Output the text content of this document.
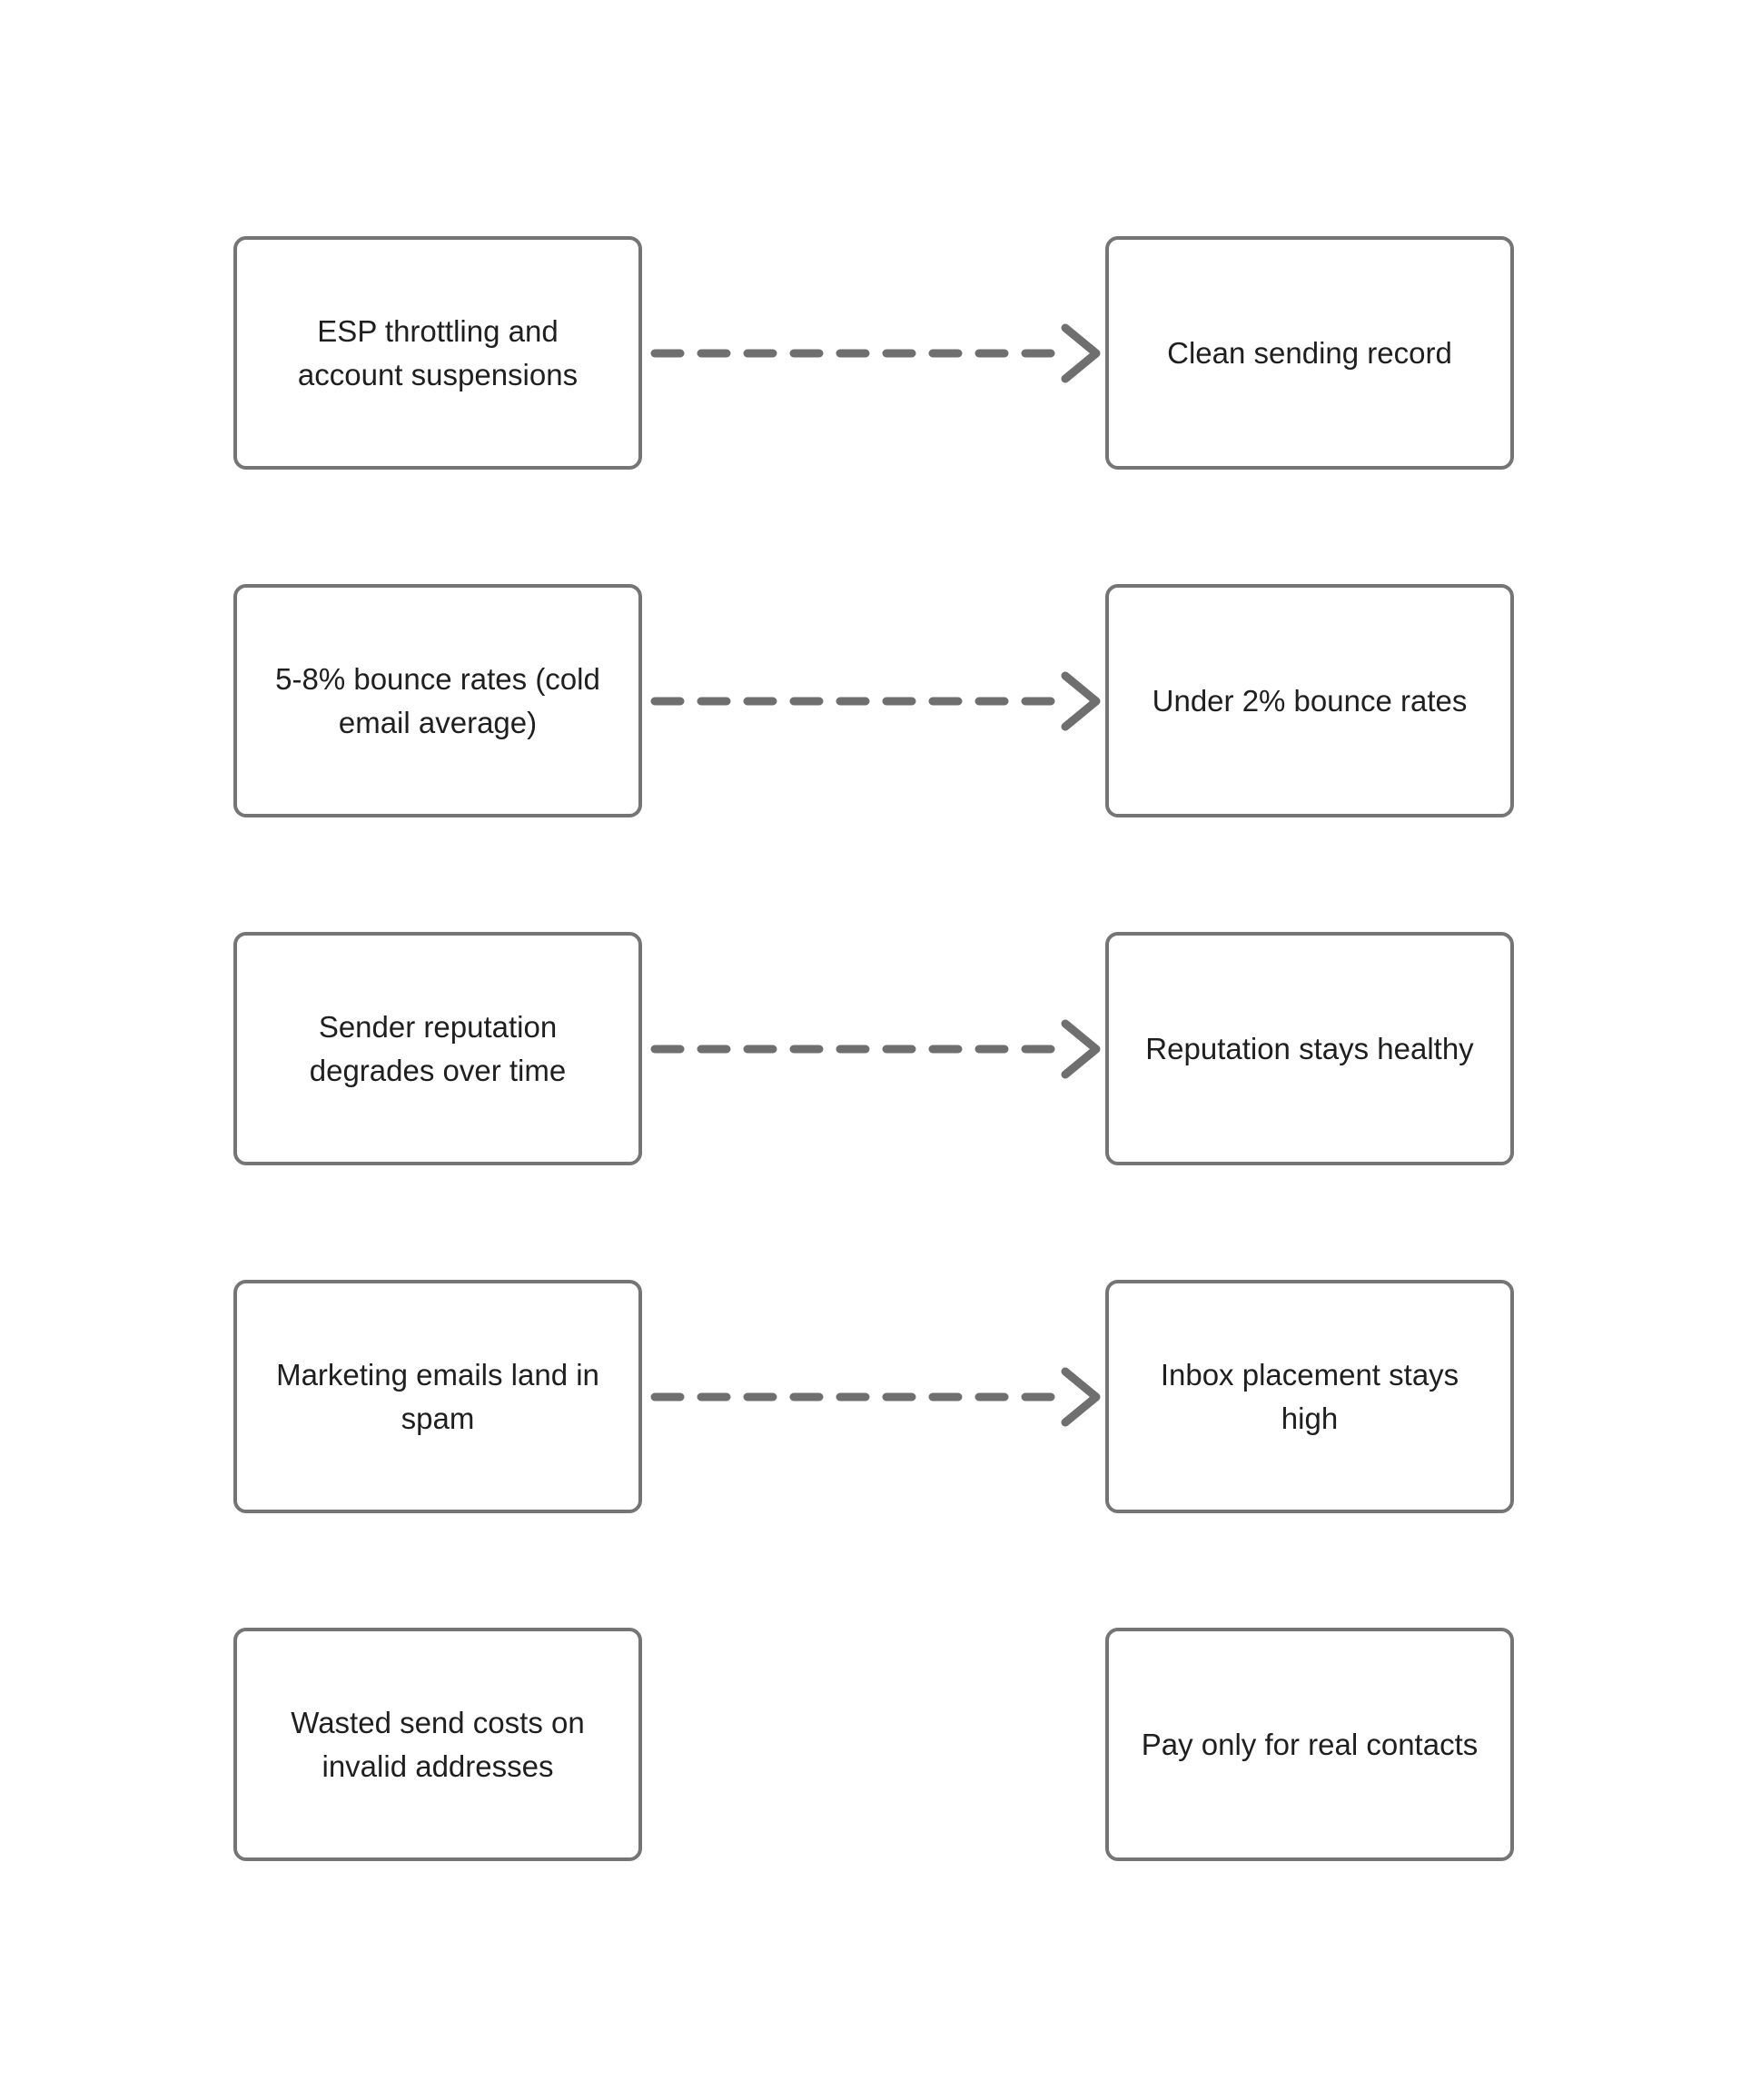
ESP throttling and account suspensions
Clean sending record
5-8% bounce rates (cold email average)
Under 2% bounce rates
Sender reputation degrades over time
Reputation stays healthy
Marketing emails land in spam
Inbox placement stays high
Wasted send costs on invalid addresses
Pay only for real contacts
